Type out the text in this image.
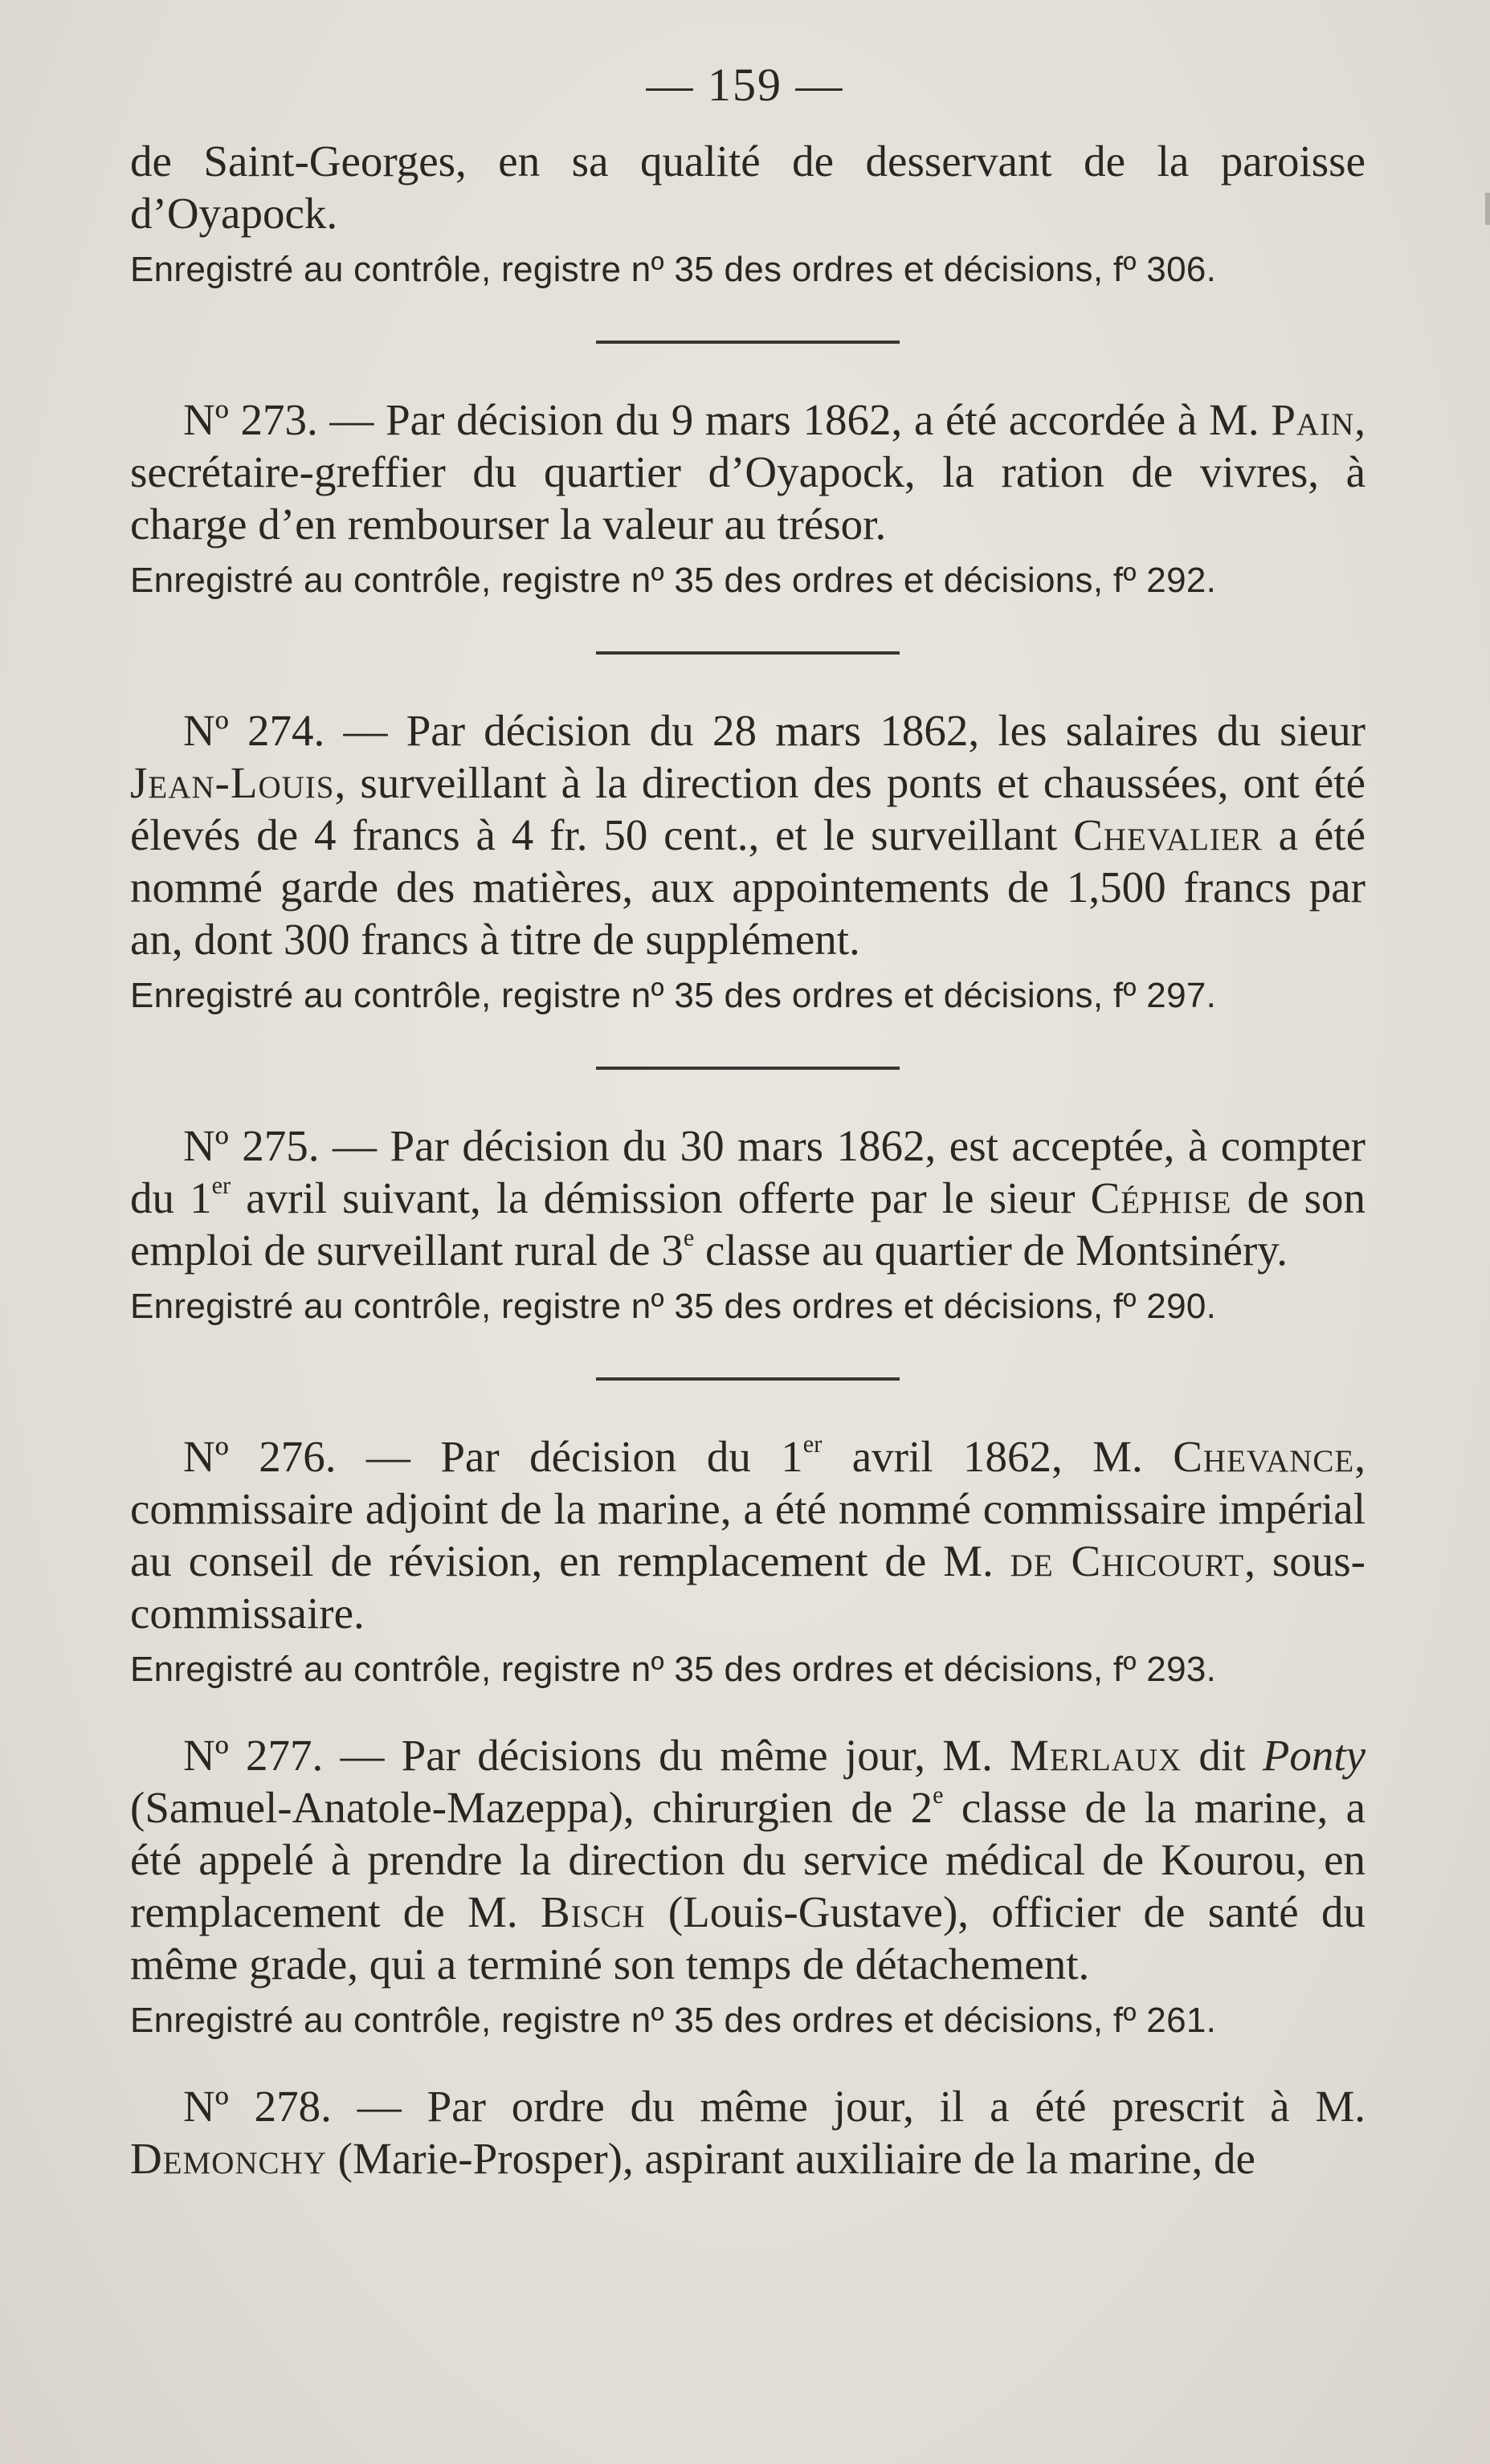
— 159 —

de Saint-Georges, en sa qualité de desservant de la paroisse d’Oyapock.

Enregistré au contrôle, registre nº 35 des ordres et décisions, fº 306.

Nº 273. — Par décision du 9 mars 1862, a été accordée à M. Pain, secrétaire-greffier du quartier d’Oyapock, la ration de vivres, à charge d’en rembourser la valeur au trésor.

Enregistré au contrôle, registre nº 35 des ordres et décisions, fº 292.

Nº 274. — Par décision du 28 mars 1862, les salaires du sieur Jean-Louis, surveillant à la direction des ponts et chaussées, ont été élevés de 4 francs à 4 fr. 50 cent., et le surveillant Chevalier a été nommé garde des matières, aux appointements de 1,500 francs par an, dont 300 francs à titre de supplément.

Enregistré au contrôle, registre nº 35 des ordres et décisions, fº 297.

Nº 275. — Par décision du 30 mars 1862, est acceptée, à compter du 1er avril suivant, la démission offerte par le sieur Céphise de son emploi de surveillant rural de 3e classe au quartier de Montsinéry.

Enregistré au contrôle, registre nº 35 des ordres et décisions, fº 290.

Nº 276. — Par décision du 1er avril 1862, M. Chevance, commissaire adjoint de la marine, a été nommé commissaire impérial au conseil de révision, en remplacement de M. de Chicourt, sous-commissaire.

Enregistré au contrôle, registre nº 35 des ordres et décisions, fº 293.

Nº 277. — Par décisions du même jour, M. Merlaux dit Ponty (Samuel-Anatole-Mazeppa), chirurgien de 2e classe de la marine, a été appelé à prendre la direction du service médical de Kourou, en remplacement de M. Bisch (Louis-Gustave), officier de santé du même grade, qui a terminé son temps de détachement.

Enregistré au contrôle, registre nº 35 des ordres et décisions, fº 261.

Nº 278. — Par ordre du même jour, il a été prescrit à M. Demonchy (Marie-Prosper), aspirant auxiliaire de la marine, de
